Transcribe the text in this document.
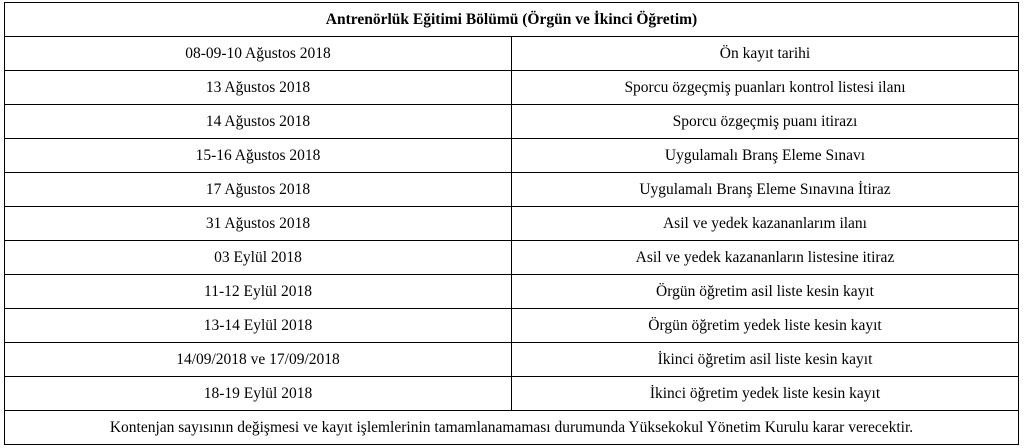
Antrenörlük Eğitimi Bölümü (Örgün ve İkinci Öğretim)	
08-09-10 Ağustos 2018	Ön kayıt tarihi
13 Ağustos 2018	Sporcu özgeçmiş puanları kontrol listesi ilanı
14 Ağustos 2018	Sporcu özgeçmiş puanı itirazı
15-16 Ağustos 2018	Uygulamalı Branş Eleme Sınavı
17 Ağustos 2018	Uygulamalı Branş Eleme Sınavına İtiraz
31 Ağustos 2018	Asil ve yedek kazananlarım ilanı
03 Eylül 2018	Asil ve yedek kazananların listesine itiraz
11-12 Eylül 2018	Örgün öğretim asil liste kesin kayıt
13-14 Eylül 2018	Örgün öğretim yedek liste kesin kayıt
14/09/2018 ve 17/09/2018	İkinci öğretim asil liste kesin kayıt
18-19 Eylül 2018	İkinci öğretim yedek liste kesin kayıt
Kontenjan sayısının değişmesi ve kayıt işlemlerinin tamamlanamaması durumunda Yüksekokul Yönetim Kurulu karar verecektir.	
